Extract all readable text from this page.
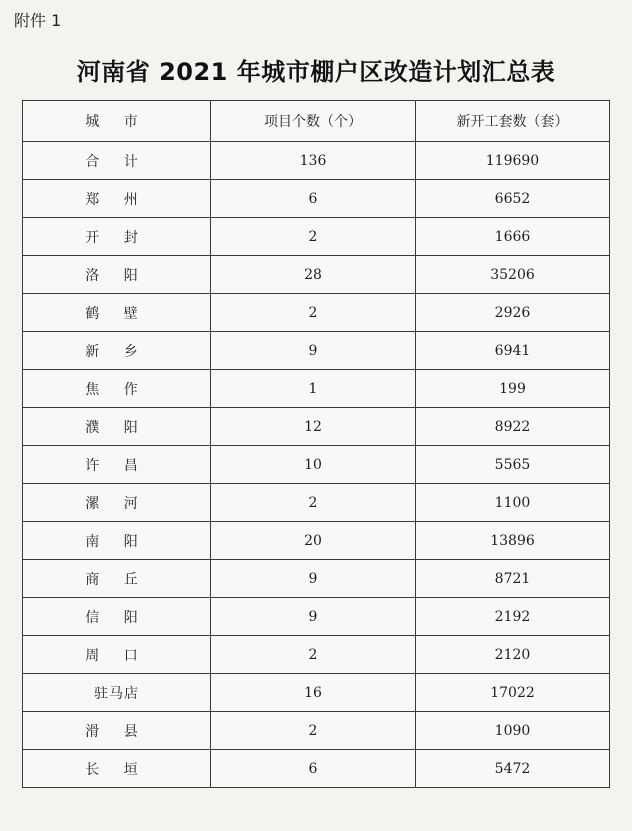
附件 1
河南省 2021 年城市棚户区改造计划汇总表
城 市	项目个数（个）	新开工套数（套）
合 计	136	119690
郑 州	6	6652
开 封	2	1666
洛 阳	28	35206
鹤 壁	2	2926
新 乡	9	6941
焦 作	1	199
濮 阳	12	8922
许 昌	10	5565
漯 河	2	1100
南 阳	20	13896
商 丘	9	8721
信 阳	9	2192
周 口	2	2120
驻马店	16	17022
滑 县	2	1090
长 垣	6	5472
